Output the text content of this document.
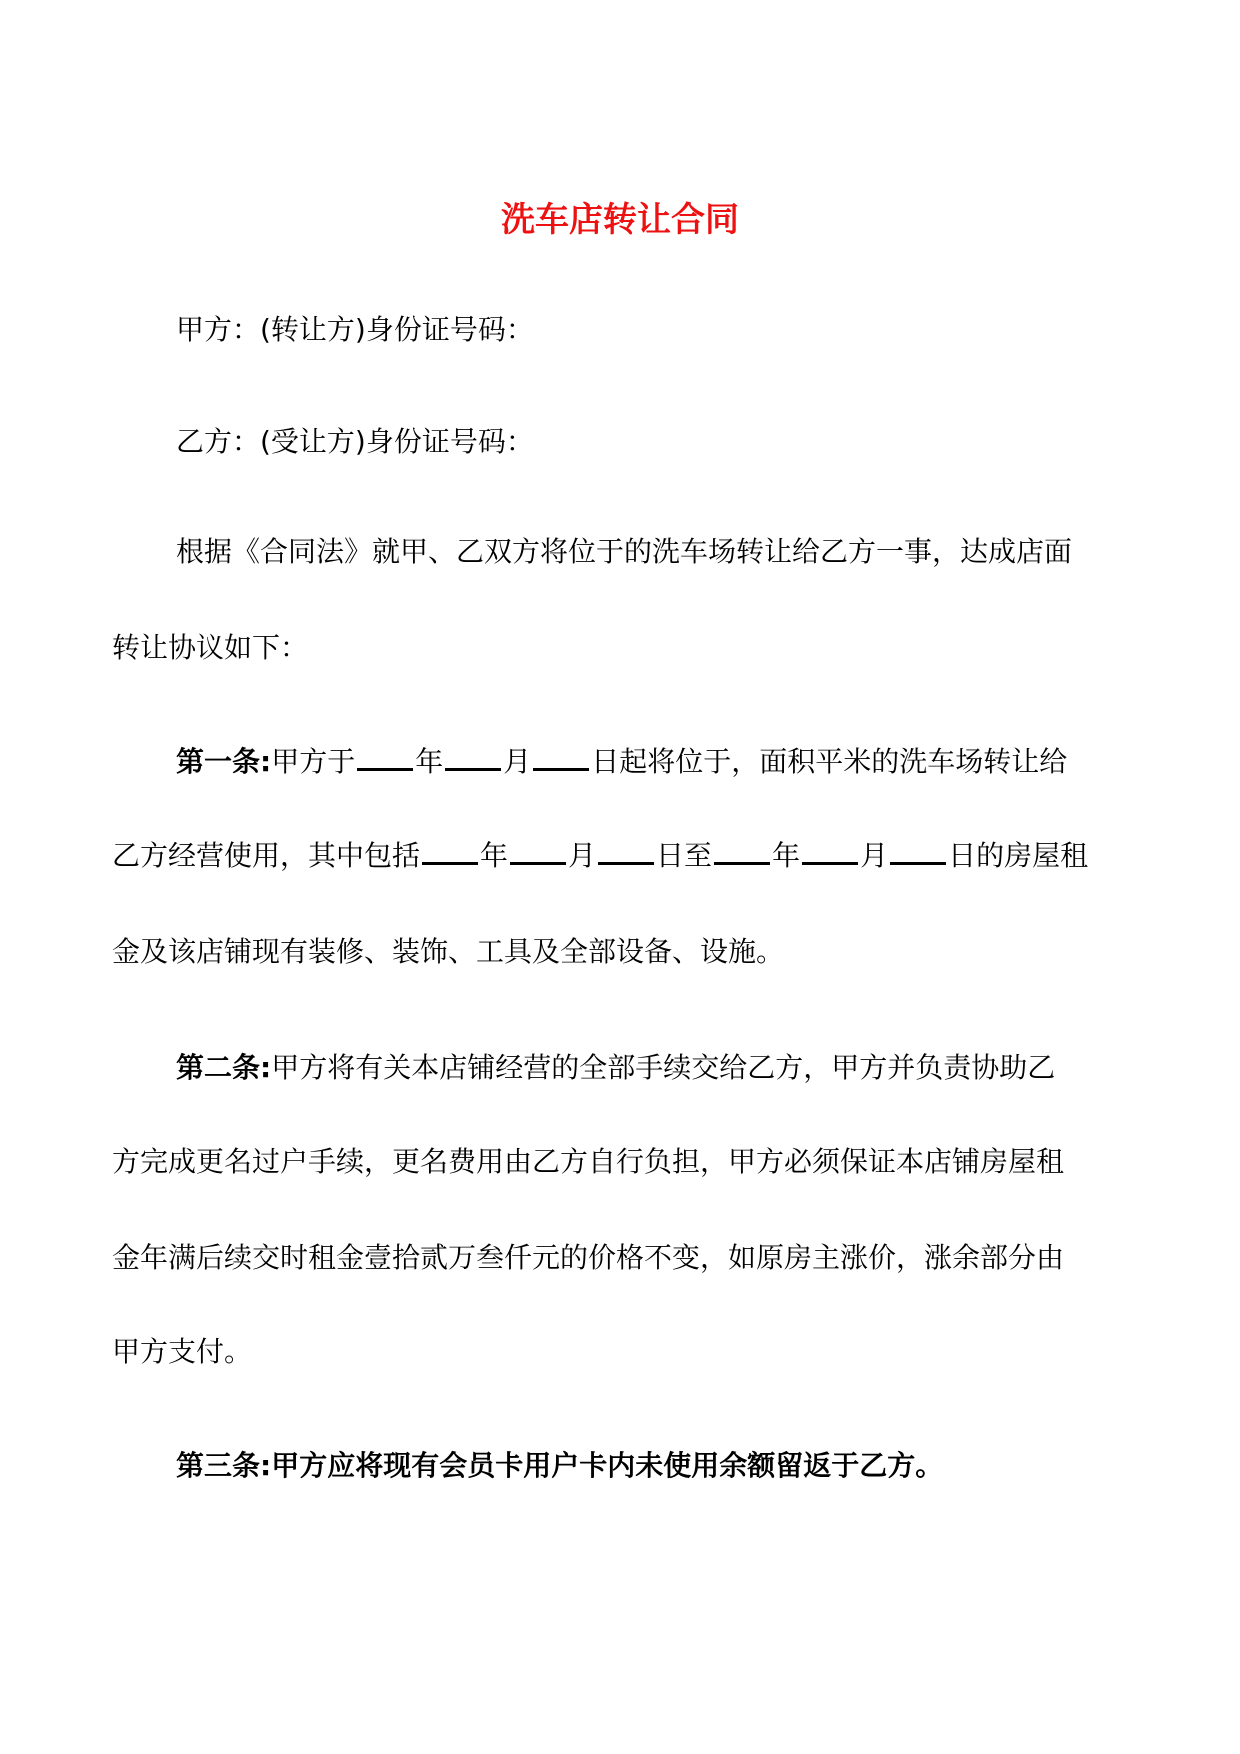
洗车店转让合同

甲方：(转让方)身份证号码：

乙方：(受让方)身份证号码：

根据《合同法》就甲、乙双方将位于的洗车场转让给乙方一事，达成店面

转让协议如下：

第一条:甲方于 年 月 日起将位于，面积平米的洗车场转让给

乙方经营使用，其中包括 年 月 日至 年 月 日的房屋租

金及该店铺现有装修、装饰、工具及全部设备、设施。

第二条:甲方将有关本店铺经营的全部手续交给乙方，甲方并负责协助乙

方完成更名过户手续，更名费用由乙方自行负担，甲方必须保证本店铺房屋租

金年满后续交时租金壹拾贰万叁仟元的价格不变，如原房主涨价，涨余部分由

甲方支付。

第三条:甲方应将现有会员卡用户卡内未使用余额留返于乙方。
